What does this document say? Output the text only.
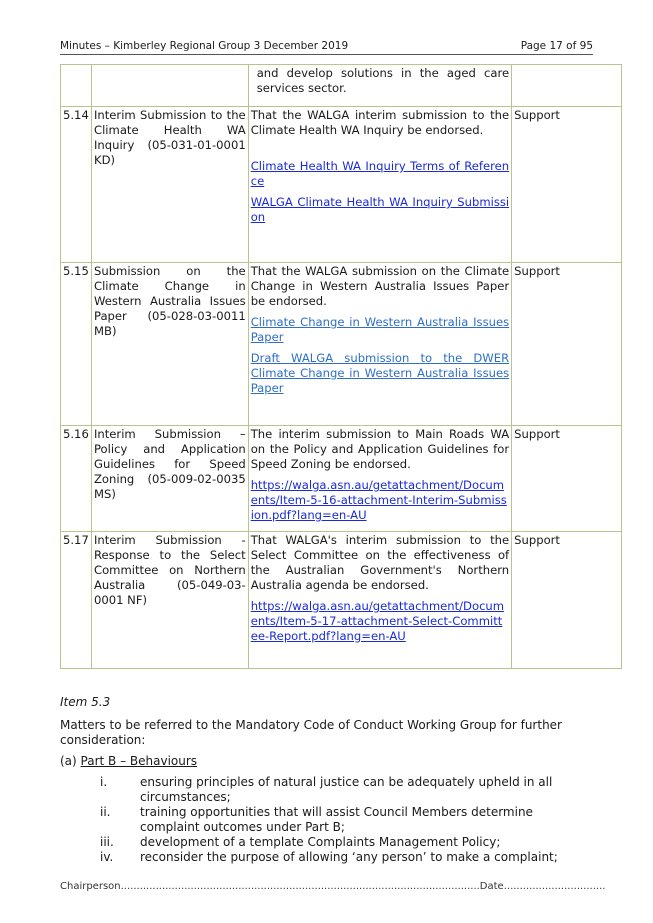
Minutes – Kimberley Regional Group 3 December 2019	Page 17 of 95

		and develop solutions in the aged care services sector.	

5.14	Interim Submission to the Climate Health WA Inquiry (05-031-01-0001 KD)	That the WALGA interim submission to the Climate Health WA Inquiry be endorsed.

Climate Health WA Inquiry Terms of Reference

WALGA Climate Health WA Inquiry Submission	Support
5.15	Submission on the Climate Change in Western Australia Issues Paper (05-028-03-0011 MB)	That the WALGA submission on the Climate Change in Western Australia Issues Paper be endorsed.

Climate Change in Western Australia Issues Paper

Draft WALGA submission to the DWER Climate Change in Western Australia Issues Paper	Support
5.16	Interim Submission – Policy and Application Guidelines for Speed Zoning (05-009-02-0035 MS)	The interim submission to Main Roads WA on the Policy and Application Guidelines for Speed Zoning be endorsed.

https://walga.asn.au/getattachment/Documents/Item-5-16-attachment-Interim-Submission.pdf?lang=en-AU	Support
5.17	Interim Submission - Response to the Select Committee on Northern Australia (05-049-03-0001 NF)	That WALGA's interim submission to the Select Committee on the effectiveness of the Australian Government's Northern Australia agenda be endorsed.

https://walga.asn.au/getattachment/Documents/Item-5-17-attachment-Select-Committee-Report.pdf?lang=en-AU	Support

Item 5.3

Matters to be referred to the Mandatory Code of Conduct Working Group for further consideration:

(a) Part B – Behaviours

i.	ensuring principles of natural justice can be adequately upheld in all circumstances;
ii. training opportunities that will assist Council Members determine complaint outcomes under Part B;
iii. development of a template Complaints Management Policy;
iv. reconsider the purpose of allowing ‘any person’ to make a complaint;
Chairperson.................................................................................................................Date................................
